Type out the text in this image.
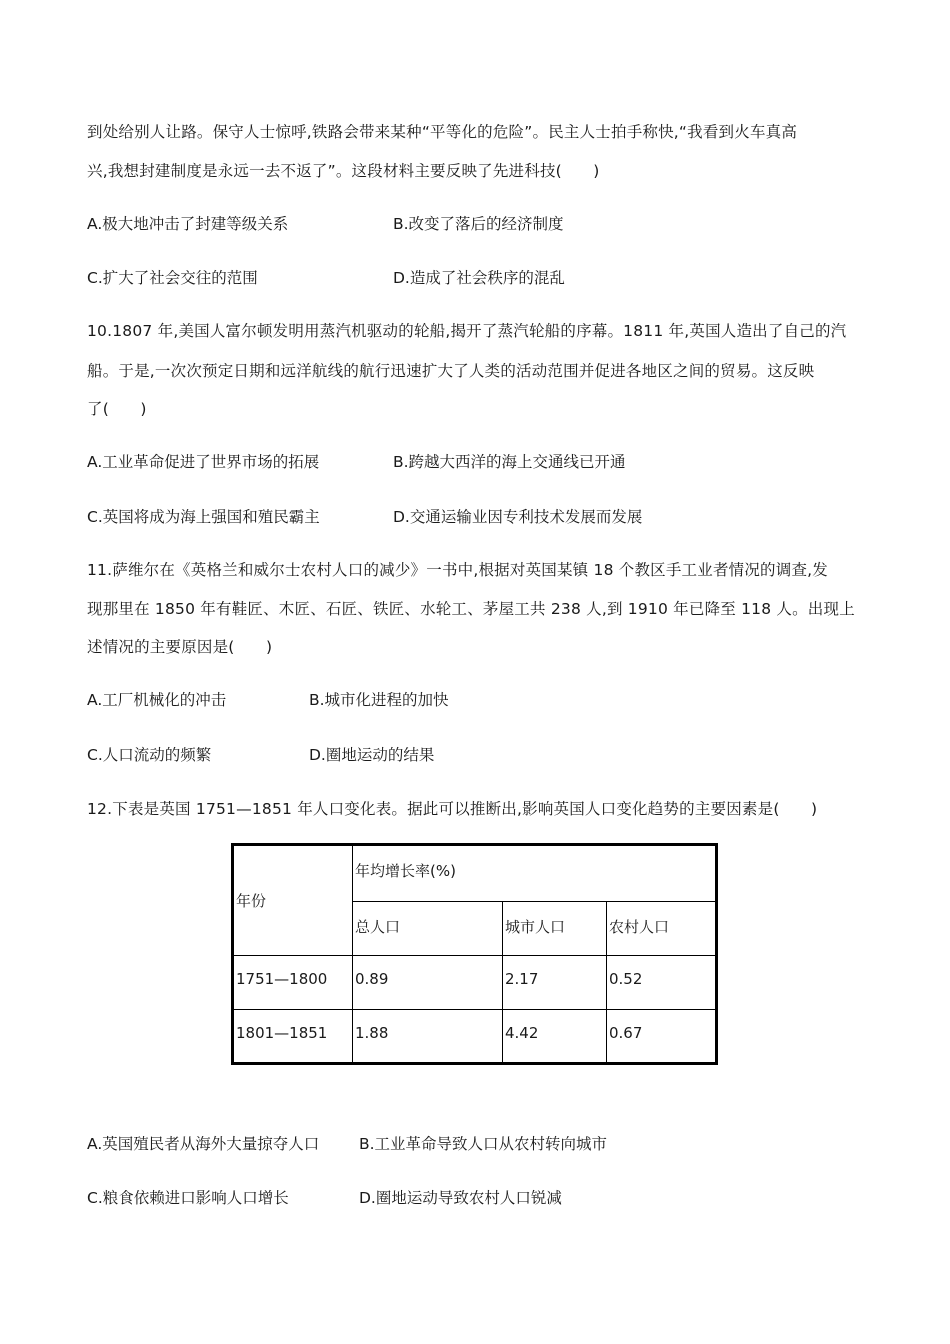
到处给别人让路。保守人士惊呼,铁路会带来某种“平等化的危险”。民主人士拍手称快,“我看到火车真高
兴,我想封建制度是永远一去不返了”。这段材料主要反映了先进科技(　　)
A.极大地冲击了封建等级关系	B.改变了落后的经济制度
C.扩大了社会交往的范围	D.造成了社会秩序的混乱
10.1807 年,美国人富尔顿发明用蒸汽机驱动的轮船,揭开了蒸汽轮船的序幕。1811 年,英国人造出了自己的汽
船。于是,一次次预定日期和远洋航线的航行迅速扩大了人类的活动范围并促进各地区之间的贸易。这反映
了(　　)
A.工业革命促进了世界市场的拓展	B.跨越大西洋的海上交通线已开通
C.英国将成为海上强国和殖民霸主	D.交通运输业因专利技术发展而发展
11.萨维尔在《英格兰和威尔士农村人口的减少》一书中,根据对英国某镇 18 个教区手工业者情况的调查,发
现那里在 1850 年有鞋匠、木匠、石匠、铁匠、水轮工、茅屋工共 238 人,到 1910 年已降至 118 人。出现上
述情况的主要原因是(　　)
A.工厂机械化的冲击	B.城市化进程的加快
C.人口流动的频繁	D.圈地运动的结果
12.下表是英国 1751—1851 年人口变化表。据此可以推断出,影响英国人口变化趋势的主要因素是(　　)
年份	年均增长率(%)		
	总人口	城市人口	农村人口
1751—1800	0.89	2.17	0.52
1801—1851	1.88	4.42	0.67
A.英国殖民者从海外大量掠夺人口	B.工业革命导致人口从农村转向城市
C.粮食依赖进口影响人口增长	D.圈地运动导致农村人口锐减
